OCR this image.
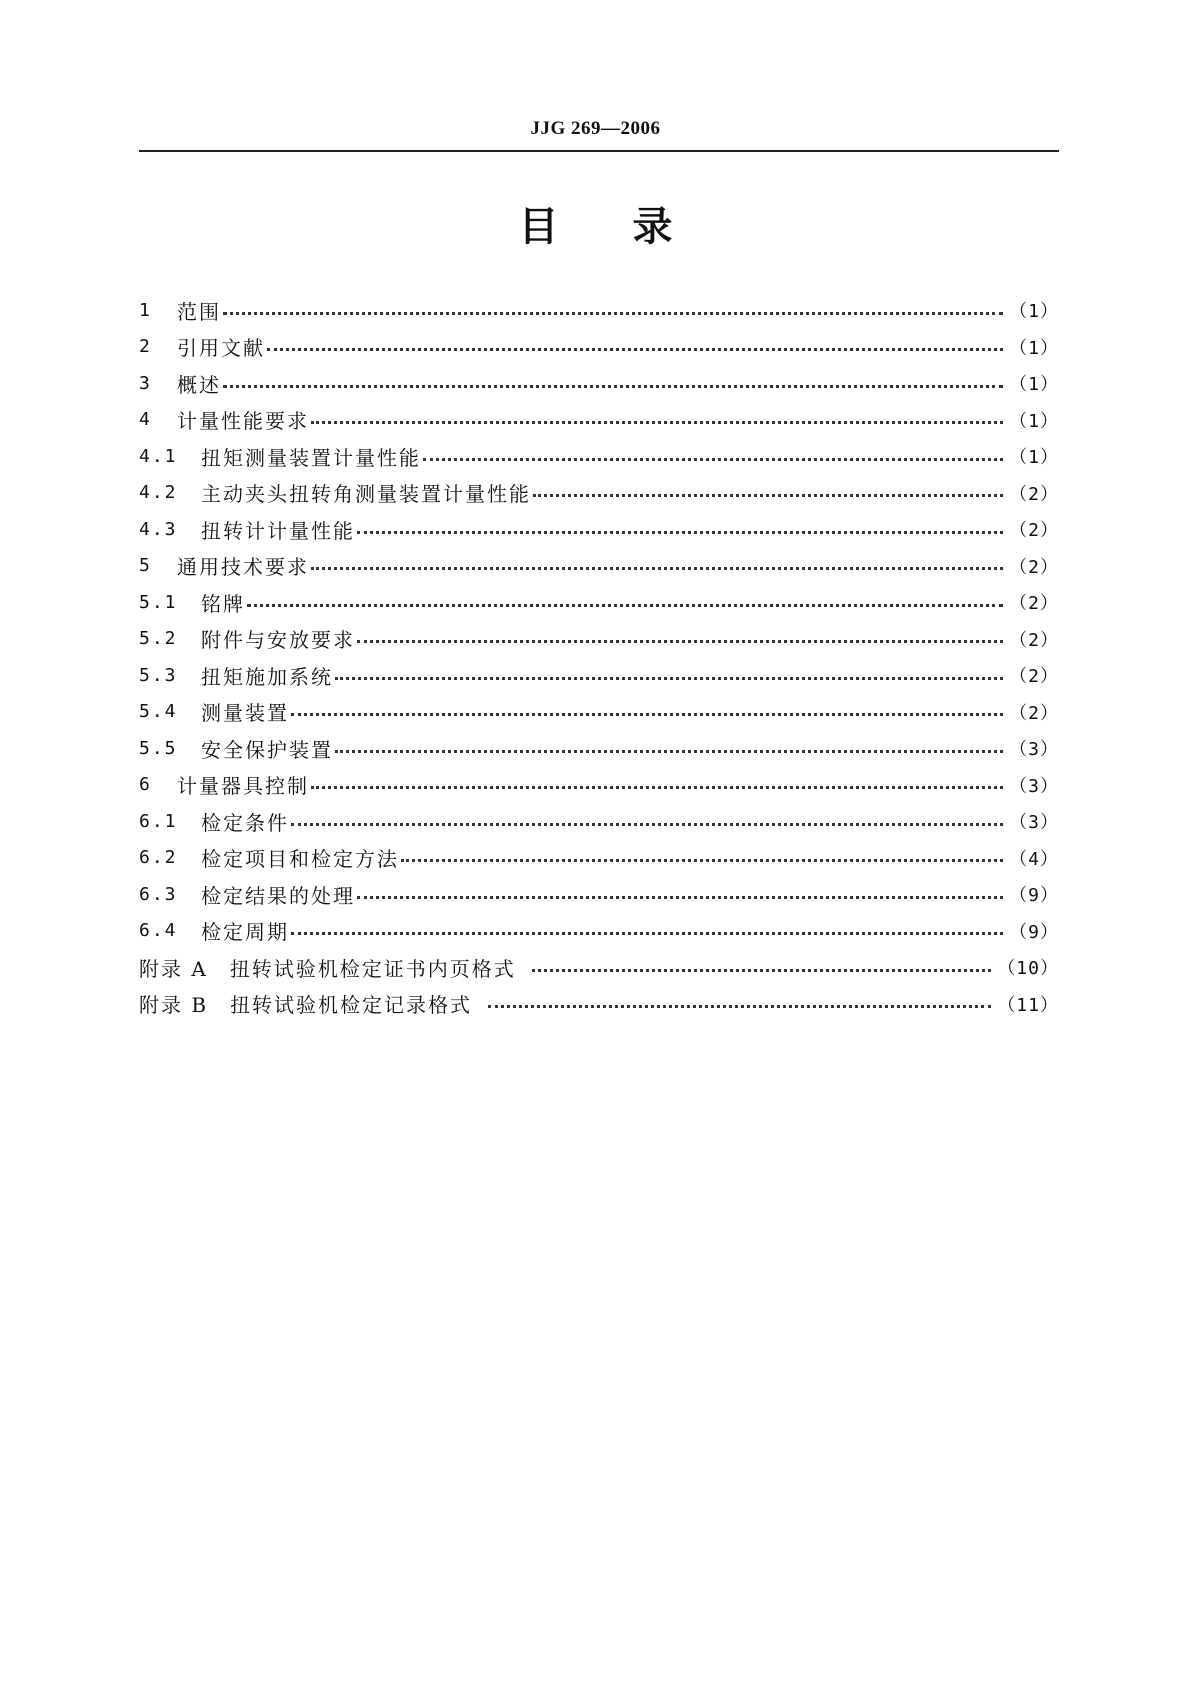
JJG 269—2006
目 录
1	范围	（1）
2	引用文献	（1）
3	概述	（1）
4	计量性能要求	（1）
4.1	扭矩测量装置计量性能	（1）
4.2	主动夹头扭转角测量装置计量性能	（2）
4.3	扭转计计量性能	（2）
5	通用技术要求	（2）
5.1	铭牌	（2）
5.2	附件与安放要求	（2）
5.3	扭矩施加系统	（2）
5.4	测量装置	（2）
5.5	安全保护装置	（3）
6	计量器具控制	（3）
6.1	检定条件	（3）
6.2	检定项目和检定方法	（4）
6.3	检定结果的处理	（9）
6.4	检定周期	（9）
附录 A 扭转试验机检定证书内页格式	（10）
附录 B 扭转试验机检定记录格式	（11）
